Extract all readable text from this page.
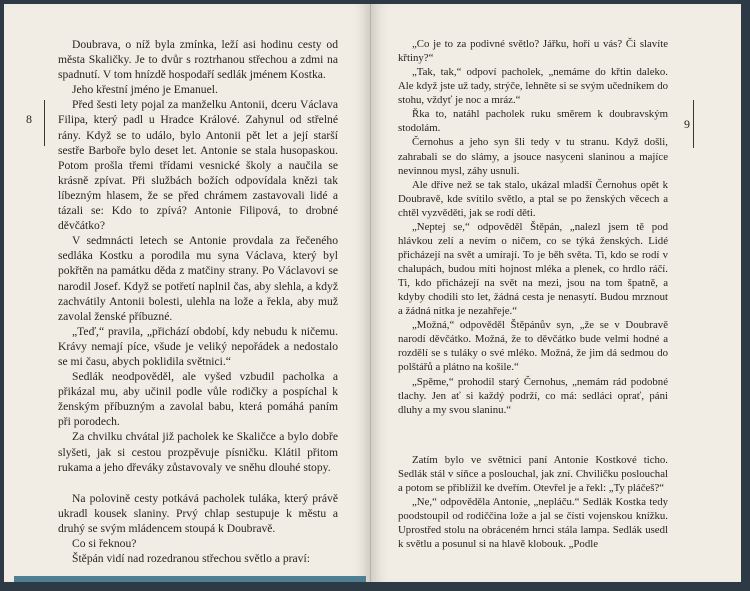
8	9

Doubrava, o níž byla zmínka, leží asi hodinu cesty od města Skaličky. Je to dvůr s roztrhanou střechou a zdmi na spadnutí. V tom hnízdě hospodaří sedlák jménem Kostka.

Jeho křestní jméno je Emanuel.

Před šesti lety pojal za manželku Antonii, dceru Václava Filipa, který padl u Hradce Králové. Zahynul od střelné rány. Když se to událo, bylo Antonii pět let a její starší sestře Barboře bylo deset let. Antonie se stala husopaskou. Potom prošla třemi třídami vesnické školy a naučila se krásně zpívat. Při službách božích odpovídala knězi tak líbezným hlasem, že se před chrámem zastavovali lidé a tázali se: Kdo to zpívá? Antonie Filipová, to drobné děvčátko?

V sedmnácti letech se Antonie provdala za řečeného sedláka Kostku a porodila mu syna Václava, který byl pokřtěn na památku děda z matčiny strany. Po Václavovi se narodil Josef. Když se potřetí naplnil čas, aby slehla, a když zachvátily Antonii bolesti, ulehla na lože a řekla, aby muž zavolal ženské příbuzné.

„Teď,“ pravila, „přichází období, kdy nebudu k ničemu. Krávy nemají píce, všude je veliký nepořádek a nedostalo se mi času, abych poklidila světnici.“

Sedlák neodpověděl, ale vyšed vzbudil pacholka a přikázal mu, aby učinil podle vůle rodičky a pospíchal k ženským příbuzným a zavolal babu, která pomáhá paním při porodech.

Za chvilku chvátal již pacholek ke Skaličce a bylo dobře slyšeti, jak si cestou prozpěvuje písničku. Klátil přitom rukama a jeho dřeváky zůstavovaly ve sněhu dlouhé stopy.

Na polovině cesty potkává pacholek tuláka, který právě ukradl kousek slaniny. Prvý chlap sestupuje k městu a druhý se svým mládencem stoupá k Doubravě.

Co si řeknou?

Štěpán vidí nad rozedranou střechou světlo a praví:

„Co je to za podivné světlo? Jářku, hoří u vás? Či slavíte křtiny?“

„Tak, tak,“ odpoví pacholek, „nemáme do křtin daleko. Ale když jste už tady, strýče, lehněte si se svým učedníkem do stohu, vždyť je noc a mráz.“

Řka to, natáhl pacholek ruku směrem k doubravským stodolám.

Černohus a jeho syn šli tedy v tu stranu. Když došli, zahrabali se do slámy, a jsouce nasyceni slaninou a majíce nevinnou mysl, záhy usnuli.

Ale dříve než se tak stalo, ukázal mladší Černohus opět k Doubravě, kde svítilo světlo, a ptal se po ženských věcech a chtěl vyzvěděti, jak se rodí děti.

„Neptej se,“ odpověděl Štěpán, „nalezl jsem tě pod hlávkou zelí a nevím o ničem, co se týká ženských. Lidé přicházejí na svět a umírají. To je běh světa. Ti, kdo se rodí v chalupách, budou míti hojnost mléka a plenek, co hrdlo ráčí. Ti, kdo přicházejí na svět na mezi, jsou na tom špatně, a kdyby chodili sto let, žádná cesta je nenasytí. Budou mrznout a žádná nitka je nezahřeje.“

„Možná,“ odpověděl Štěpánův syn, „že se v Doubravě narodí děvčátko. Možná, že to děvčátko bude velmi hodné a rozdělí se s tuláky o své mléko. Možná, že jim dá sedmou do polštářů a plátno na košile.“

„Spěme,“ prohodil starý Černohus, „nemám rád podobné tlachy. Jen ať si každý podrží, co má: sedláci oprať, páni dluhy a my svou slaninu.“

Zatím bylo ve světnici paní Antonie Kostkové ticho. Sedlák stál v síňce a poslouchal, jak zní. Chviličku poslouchal a potom se přiblížil ke dveřím. Otevřel je a řekl: „Ty pláčeš?“

„Ne,“ odpověděla Antonie, „nepláču.“ Sedlák Kostka tedy poodstoupil od rodiččina lože a jal se čísti vojenskou knížku. Uprostřed stolu na obráceném hrnci stála lampa. Sedlák usedl k světlu a posunul si na hlavě klobouk. „Podle
